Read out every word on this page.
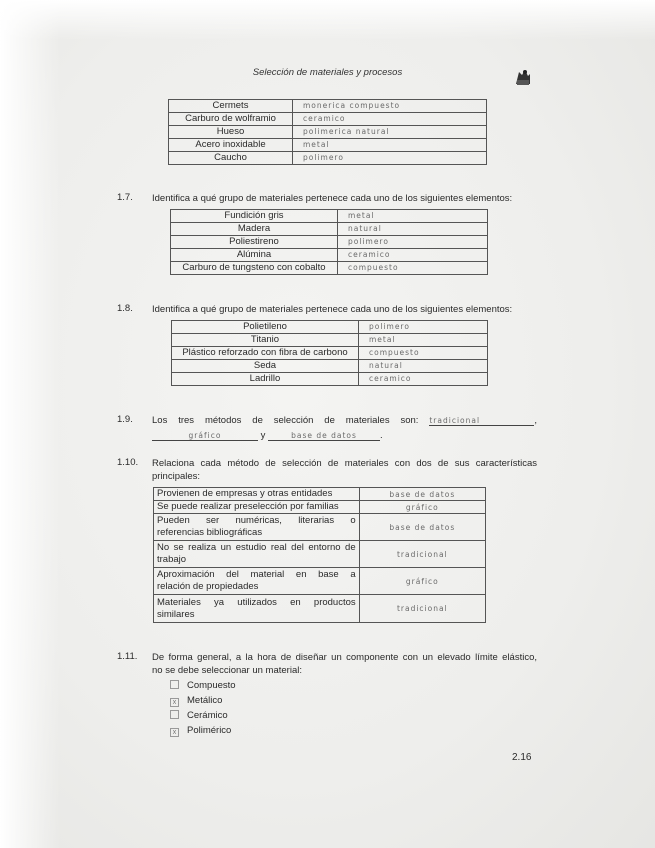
Selección de materiales y procesos
Cermets	monerica compuesto
Carburo de wolframio	ceramico
Hueso	polimerica natural
Acero inoxidable	metal
Caucho	polimero
1.7. Identifica a qué grupo de materiales pertenece cada uno de los siguientes elementos:
Fundición gris	metal
Madera	natural
Poliestireno	polimero
Alúmina	ceramico
Carburo de tungsteno con cobalto	compuesto
1.8. Identifica a qué grupo de materiales pertenece cada uno de los siguientes elementos:
Polietileno	polimero
Titanio	metal
Plástico reforzado con fibra de carbono	compuesto
Seda	natural
Ladrillo	ceramico
1.9. Los tres métodos de selección de materiales son: tradicional	,
gráfico	y	base de datos .
1.10. Relaciona cada método de selección de materiales con dos de sus características
principales:
Provienen de empresas y otras entidades	base de datos
Se puede realizar preselección por familias	gráfico

Pueden ser numéricas, literarias o
referencias bibliográficas	base de datos

No se realiza un estudio real del entorno de
trabajo	tradicional

Aproximación del material en base a
relación de propiedades	gráfico

Materiales ya utilizados en productos
similares	tradicional
1.11. De forma general, a la hora de diseñar un componente con un elevado límite elástico,
no se debe seleccionar un material:
Compuesto
x Metálico
Cerámico
x Polimérico
2.16
